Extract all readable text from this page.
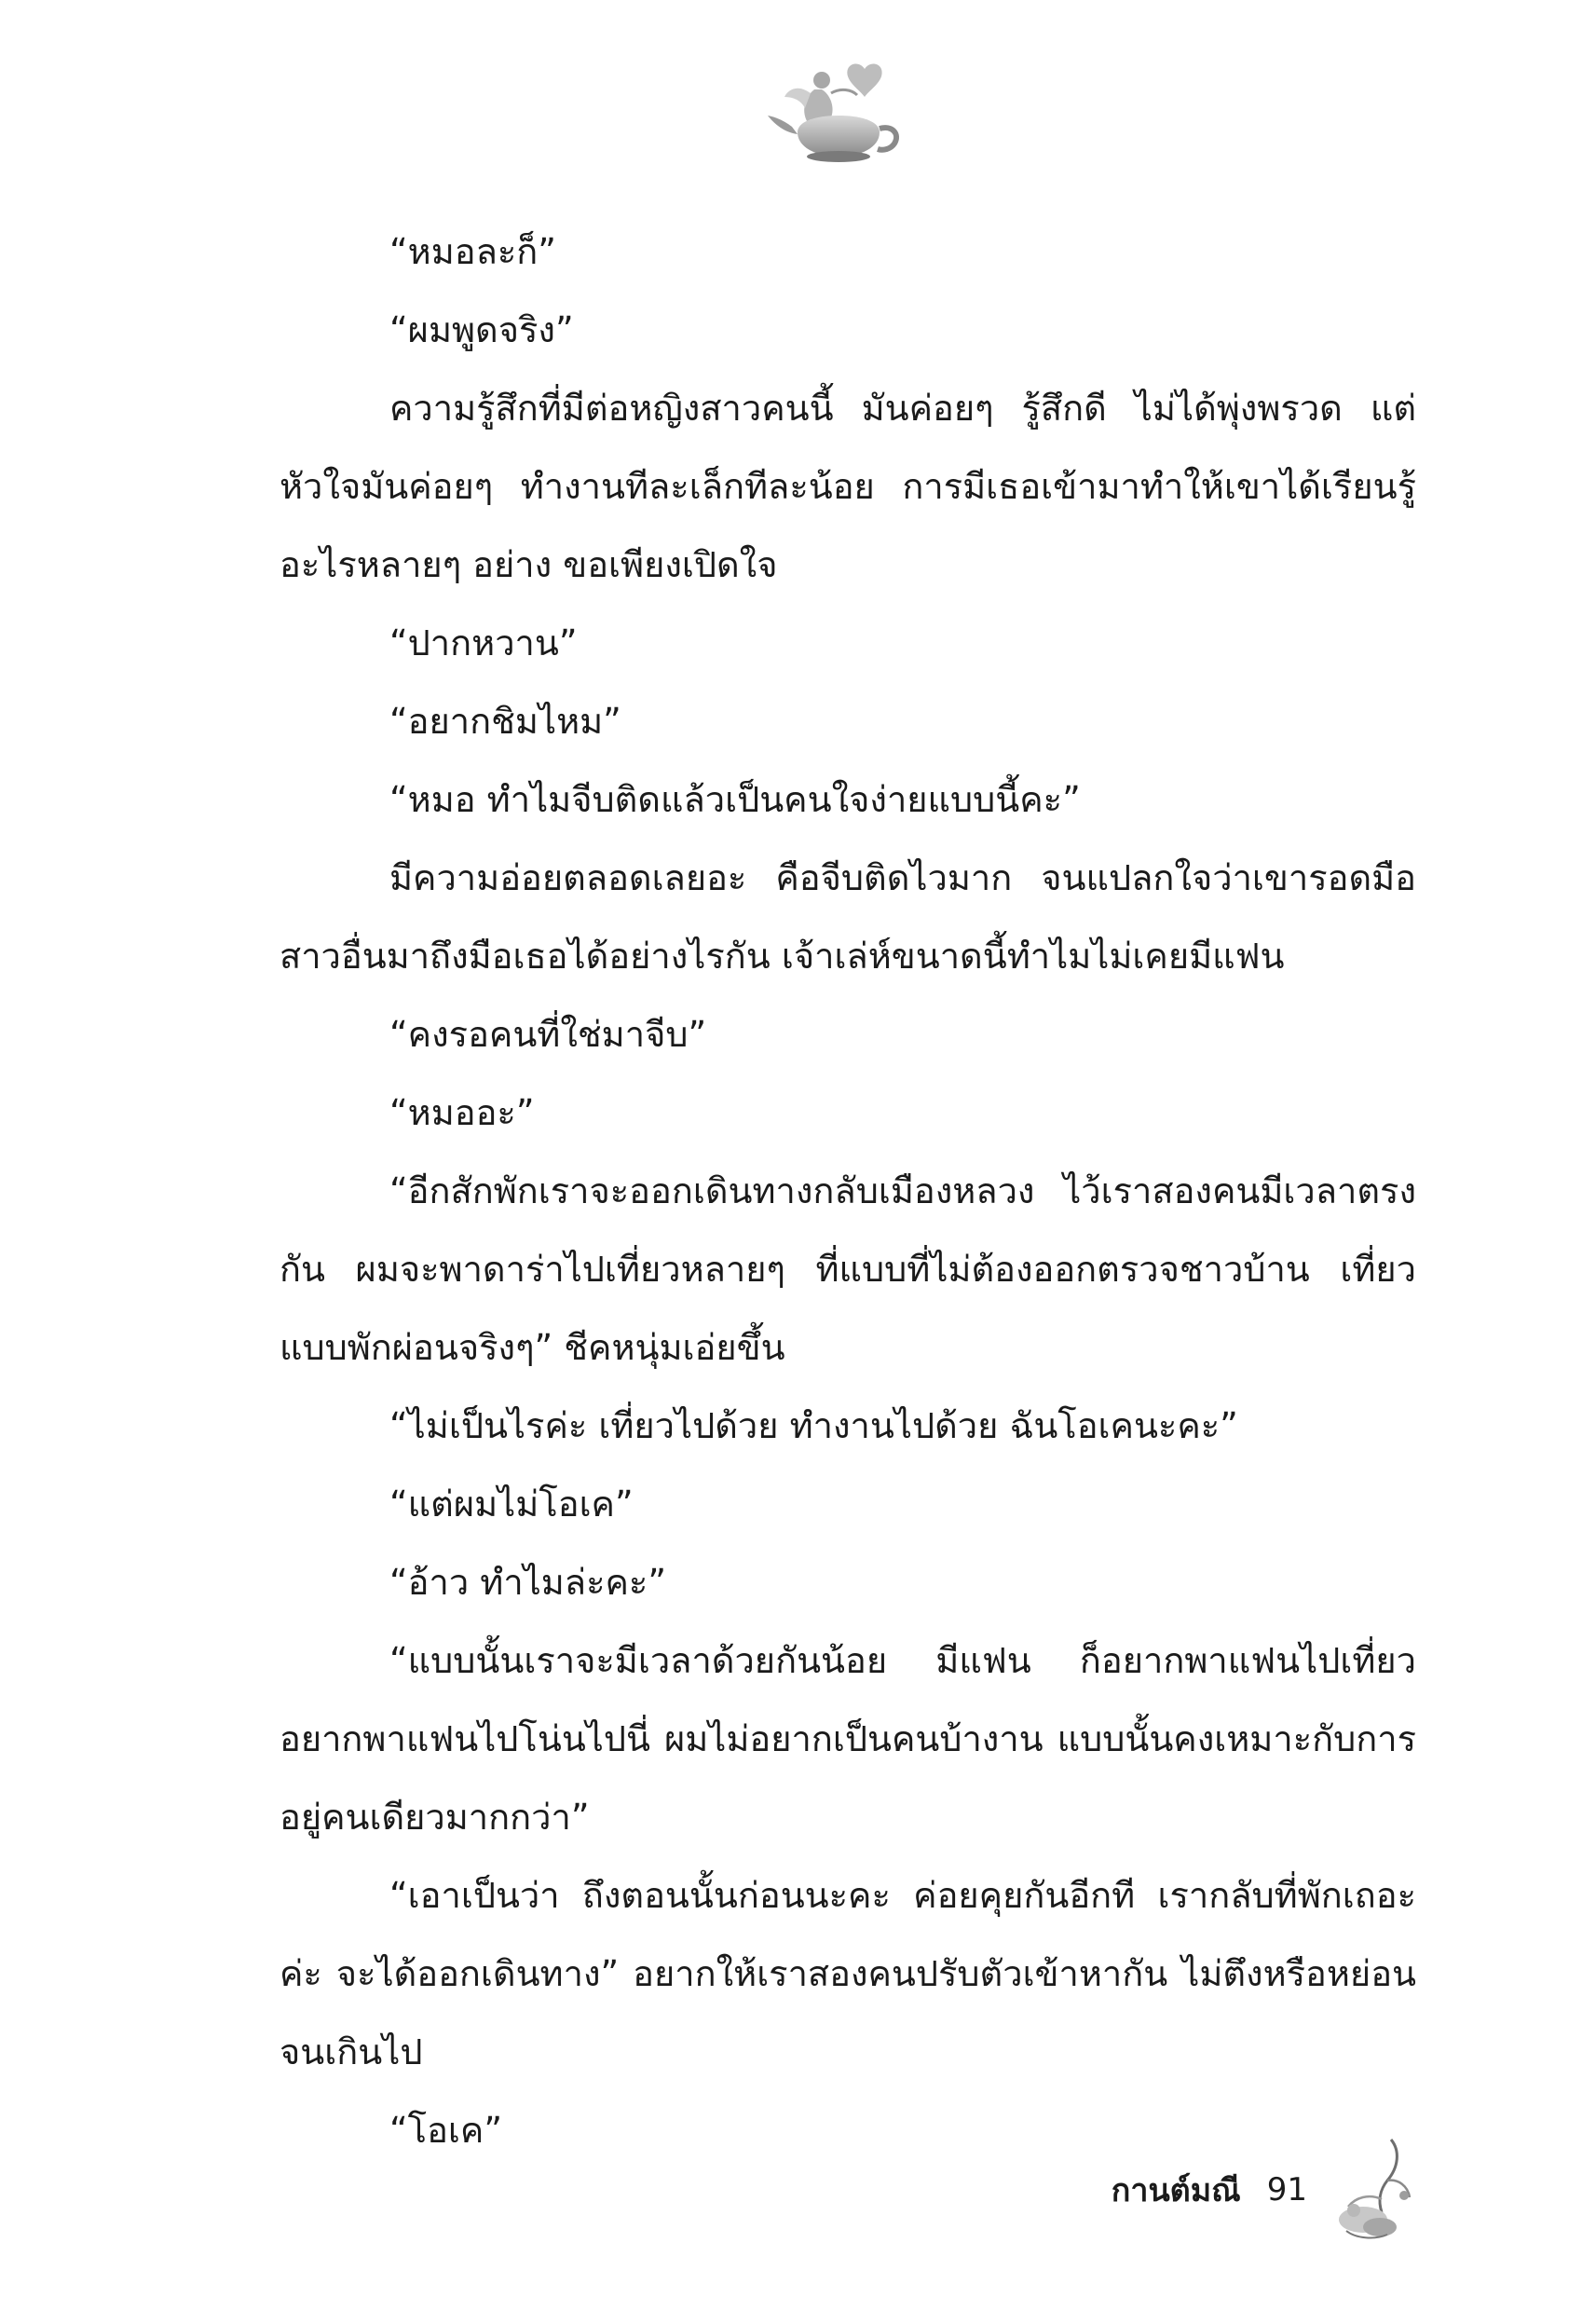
“หมอละก็”

“ผมพูดจริง”

ความรู้สึกที่มีต่อหญิงสาวคนนี้ มันค่อยๆ รู้สึกดี ไม่ได้พุ่งพรวด แต่หัวใจมันค่อยๆ ทำงานทีละเล็กทีละน้อย การมีเธอเข้ามาทำให้เขาได้เรียนรู้อะไรหลายๆ อย่าง ขอเพียงเปิดใจ

“ปากหวาน”

“อยากชิมไหม”

“หมอ ทำไมจีบติดแล้วเป็นคนใจง่ายแบบนี้คะ”

มีความอ่อยตลอดเลยอะ คือจีบติดไวมาก จนแปลกใจว่าเขารอดมือสาวอื่นมาถึงมือเธอได้อย่างไรกัน เจ้าเล่ห์ขนาดนี้ทำไมไม่เคยมีแฟน

“คงรอคนที่ใช่มาจีบ”

“หมออะ”

“อีกสักพักเราจะออกเดินทางกลับเมืองหลวง ไว้เราสองคนมีเวลาตรงกัน ผมจะพาดาร่าไปเที่ยวหลายๆ ที่แบบที่ไม่ต้องออกตรวจชาวบ้าน เที่ยวแบบพักผ่อนจริงๆ” ชีคหนุ่มเอ่ยขึ้น

“ไม่เป็นไรค่ะ เที่ยวไปด้วย ทำงานไปด้วย ฉันโอเคนะคะ”

“แต่ผมไม่โอเค”

“อ้าว ทำไมล่ะคะ”

“แบบนั้นเราจะมีเวลาด้วยกันน้อย มีแฟน ก็อยากพาแฟนไปเที่ยว อยากพาแฟนไปโน่นไปนี่ ผมไม่อยากเป็นคนบ้างาน แบบนั้นคงเหมาะกับการอยู่คนเดียวมากกว่า”

“เอาเป็นว่า ถึงตอนนั้นก่อนนะคะ ค่อยคุยกันอีกที เรากลับที่พักเถอะค่ะ จะได้ออกเดินทาง” อยากให้เราสองคนปรับตัวเข้าหากัน ไม่ตึงหรือหย่อนจนเกินไป

“โอเค”

กานต์มณี 91
